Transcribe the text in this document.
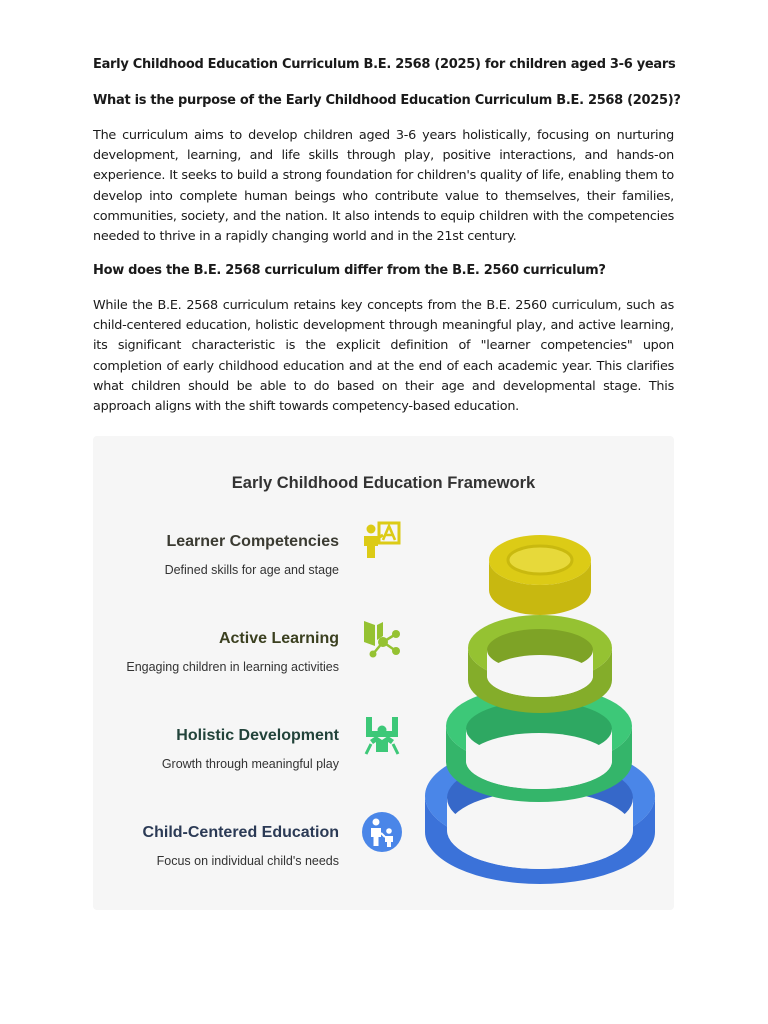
Early Childhood Education Curriculum B.E. 2568 (2025) for children aged 3-6 years
What is the purpose of the Early Childhood Education Curriculum B.E. 2568 (2025)?

The curriculum aims to develop children aged 3-6 years holistically, focusing on nurturing development, learning, and life skills through play, positive interactions, and hands-on experience. It seeks to build a strong foundation for children's quality of life, enabling them to develop into complete human beings who contribute value to themselves, their families, communities, society, and the nation. It also intends to equip children with the competencies needed to thrive in a rapidly changing world and in the 21st century.

How does the B.E. 2568 curriculum differ from the B.E. 2560 curriculum?

While the B.E. 2568 curriculum retains key concepts from the B.E. 2560 curriculum, such as child-centered education, holistic development through meaningful play, and active learning, its significant characteristic is the explicit definition of "learner competencies" upon completion of early childhood education and at the end of each academic year. This clarifies what children should be able to do based on their age and developmental stage. This approach aligns with the shift towards competency-based education.

Early Childhood Education Framework
Learner Competencies
Defined skills for age and stage
Active Learning
Engaging children in learning activities
Holistic Development
Growth through meaningful play
Child-Centered Education
Focus on individual child's needs
